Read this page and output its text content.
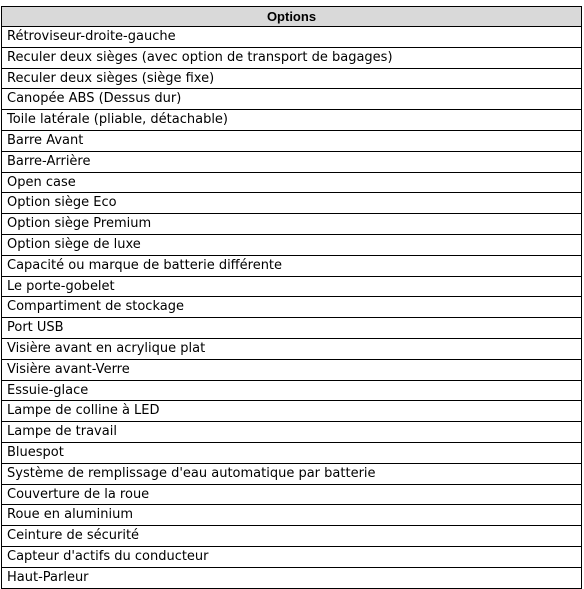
Options
Rétroviseur-droite-gauche
Reculer deux sièges (avec option de transport de bagages)
Reculer deux sièges (siège fixe)
Canopée ABS (Dessus dur)
Toile latérale (pliable, détachable)
Barre Avant
Barre-Arrière
Open case
Option siège Eco
Option siège Premium
Option siège de luxe
Capacité ou marque de batterie différente
Le porte-gobelet
Compartiment de stockage
Port USB
Visière avant en acrylique plat
Visière avant-Verre
Essuie-glace
Lampe de colline à LED
Lampe de travail
Bluespot
Système de remplissage d'eau automatique par batterie
Couverture de la roue
Roue en aluminium
Ceinture de sécurité
Capteur d'actifs du conducteur
Haut-Parleur
